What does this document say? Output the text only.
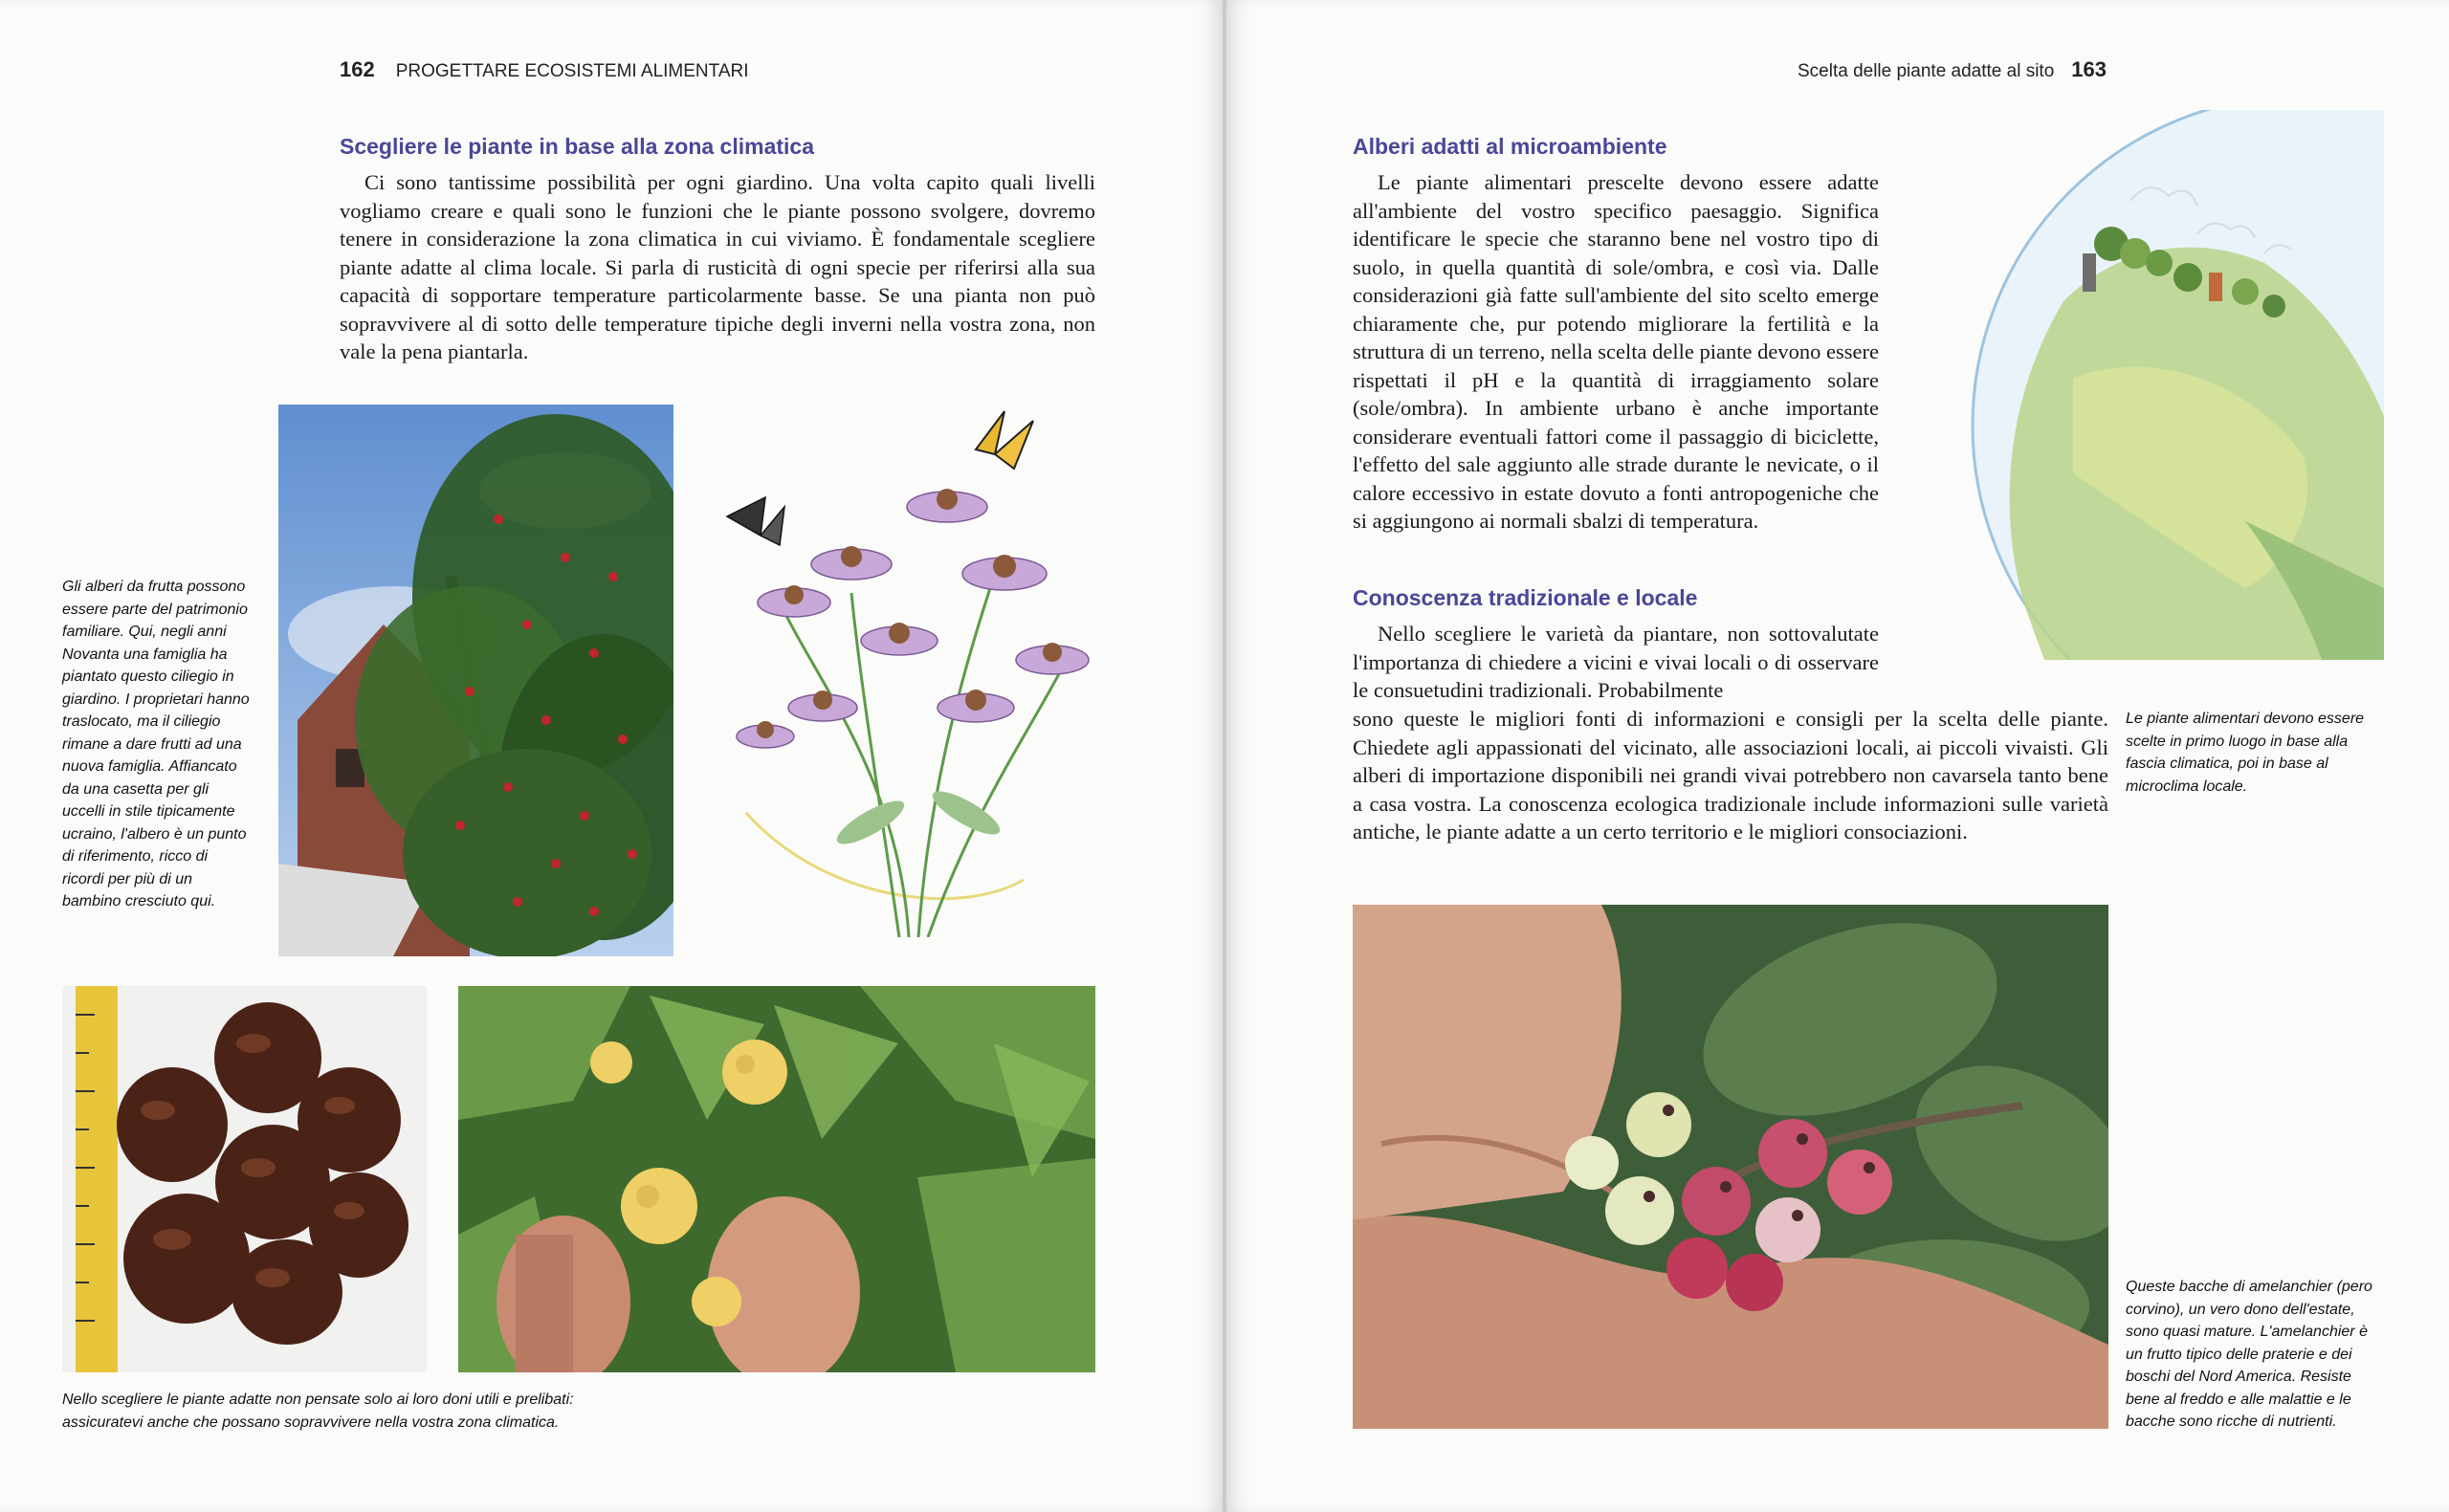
162 PROGETTARE ECOSISTEMI ALIMENTARI
Scegliere le piante in base alla zona climatica

Ci sono tantissime possibilità per ogni giardino. Una volta capito quali livelli vogliamo creare e quali sono le funzioni che le piante possono svolgere, dovremo tenere in considerazione la zona climatica in cui viviamo. È fondamentale scegliere piante adatte al clima locale. Si parla di rusticità di ogni specie per riferirsi alla sua capacità di sopportare temperature particolarmente basse. Se una pianta non può sopravvivere al di sotto delle temperature tipiche degli inverni nella vostra zona, non vale la pena piantarla.

Gli alberi da frutta possono essere parte del patrimonio familiare. Qui, negli anni Novanta una famiglia ha piantato questo ciliegio in giardino. I proprietari hanno traslocato, ma il ciliegio rimane a dare frutti ad una nuova famiglia. Affiancato da una casetta per gli uccelli in stile tipicamente ucraino, l'albero è un punto di riferimento, ricco di ricordi per più di un bambino cresciuto qui.
Nello scegliere le piante adatte non pensate solo ai loro doni utili e prelibati: assicuratevi anche che possano sopravvivere nella vostra zona climatica.
Scelta delle piante adatte al sito 163
Alberi adatti al microambiente

Le piante alimentari prescelte devono essere adatte all'ambiente del vostro specifico paesaggio. Significa identificare le specie che staranno bene nel vostro tipo di suolo, in quella quantità di sole/ombra, e così via. Dalle considerazioni già fatte sull'ambiente del sito scelto emerge chiaramente che, pur potendo migliorare la fertilità e la struttura di un terreno, nella scelta delle piante devono essere rispettati il pH e la quantità di irraggiamento solare (sole/ombra). In ambiente urbano è anche importante considerare eventuali fattori come il passaggio di biciclette, l'effetto del sale aggiunto alle strade durante le nevicate, o il calore eccessivo in estate dovuto a fonti antropogeniche che si aggiungono ai normali sbalzi di temperatura.

Conoscenza tradizionale e locale

Nello scegliere le varietà da piantare, non sottovalutate l'importanza di chiedere a vicini e vivai locali o di osservare le consuetudini tradizionali. Probabilmente

sono queste le migliori fonti di informazioni e consigli per la scelta delle piante. Chiedete agli appassionati del vicinato, alle associazioni locali, ai piccoli vivaisti. Gli alberi di importazione disponibili nei grandi vivai potrebbero non cavarsela tanto bene a casa vostra. La conoscenza ecologica tradizionale include informazioni sulle varietà antiche, le piante adatte a un certo territorio e le migliori consociazioni.

Le piante alimentari devono essere scelte in primo luogo in base alla fascia climatica, poi in base al microclima locale.
Queste bacche di amelanchier (pero corvino), un vero dono dell'estate, sono quasi mature. L'amelanchier è un frutto tipico delle praterie e dei boschi del Nord America. Resiste bene al freddo e alle malattie e le bacche sono ricche di nutrienti.
